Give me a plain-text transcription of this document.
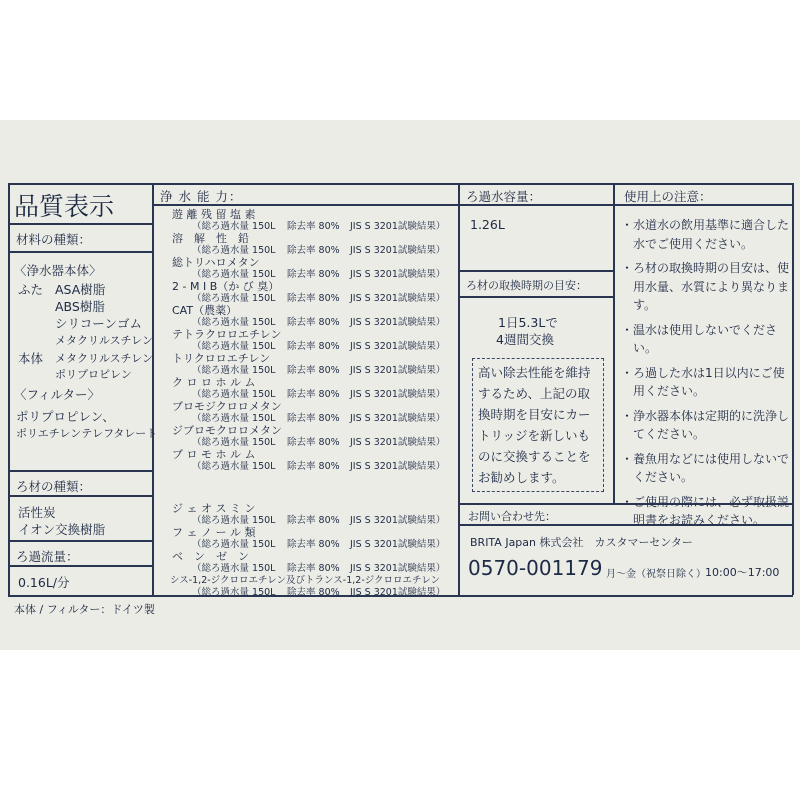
品質表示
材料の種類：
〈浄水器本体〉
ふた ASA樹脂
ABS樹脂
シリコーンゴム
メタクリルスチレン
本体 メタクリルスチレン
ポリプロピレン
〈フィルター〉
ポリプロピレン、
ポリエチレンテレフタレート
ろ材の種類：
活性炭
イオン交換樹脂
ろ過流量：
0.16L/分
本体 / フィルター：ドイツ製
浄 水 能 力：
遊 離 残 留 塩 素
（総ろ過水量 150L 除去率 80% JIS S 3201試験結果）
溶　解　性　鉛
（総ろ過水量 150L 除去率 80% JIS S 3201試験結果）
総トリハロメタン
（総ろ過水量 150L 除去率 80% JIS S 3201試験結果）
2 - M I B（か び 臭）
（総ろ過水量 150L 除去率 80% JIS S 3201試験結果）
CAT（農薬）
（総ろ過水量 150L 除去率 80% JIS S 3201試験結果）
テトラクロロエチレン
（総ろ過水量 150L 除去率 80% JIS S 3201試験結果）
トリクロロエチレン
（総ろ過水量 150L 除去率 80% JIS S 3201試験結果）
ク ロ ロ ホ ル ム
（総ろ過水量 150L 除去率 80% JIS S 3201試験結果）
ブロモジクロロメタン
（総ろ過水量 150L 除去率 80% JIS S 3201試験結果）
ジブロモクロロメタン
（総ろ過水量 150L 除去率 80% JIS S 3201試験結果）
ブ ロ モ ホ ル ム
（総ろ過水量 150L 除去率 80% JIS S 3201試験結果）
ジ ェ オ ス ミ ン
（総ろ過水量 150L 除去率 80% JIS S 3201試験結果）
フ ェ ノ ー ル 類
（総ろ過水量 150L 除去率 80% JIS S 3201試験結果）
ベ　ン　ゼ　ン
（総ろ過水量 150L 除去率 80% JIS S 3201試験結果）
シス-1,2-ジクロロエチレン及びトランス-1,2-ジクロロエチレン
（総ろ過水量 150L 除去率 80% JIS S 3201試験結果）
ろ過水容量：
1.26L
ろ材の取換時期の目安：
1日5.3Lで
4週間交換
高い除去性能を維持するため、上記の取換時期を目安にカートリッジを新しいものに交換することをお勧めします。
使用上の注意：
・水道水の飲用基準に適合した水でご使用ください。
・ろ材の取換時期の目安は、使用水量、水質により異なります。
・温水は使用しないでください。
・ろ過した水は1日以内にご使用ください。
・浄水器本体は定期的に洗浄してください。
・養魚用などには使用しないでください。
・ご使用の際には、必ず取扱説明書をお読みください。
お問い合わせ先：
BRITA Japan 株式会社　カスタマーセンター
0570-001179 月～金（祝祭日除く） 10:00～17:00
